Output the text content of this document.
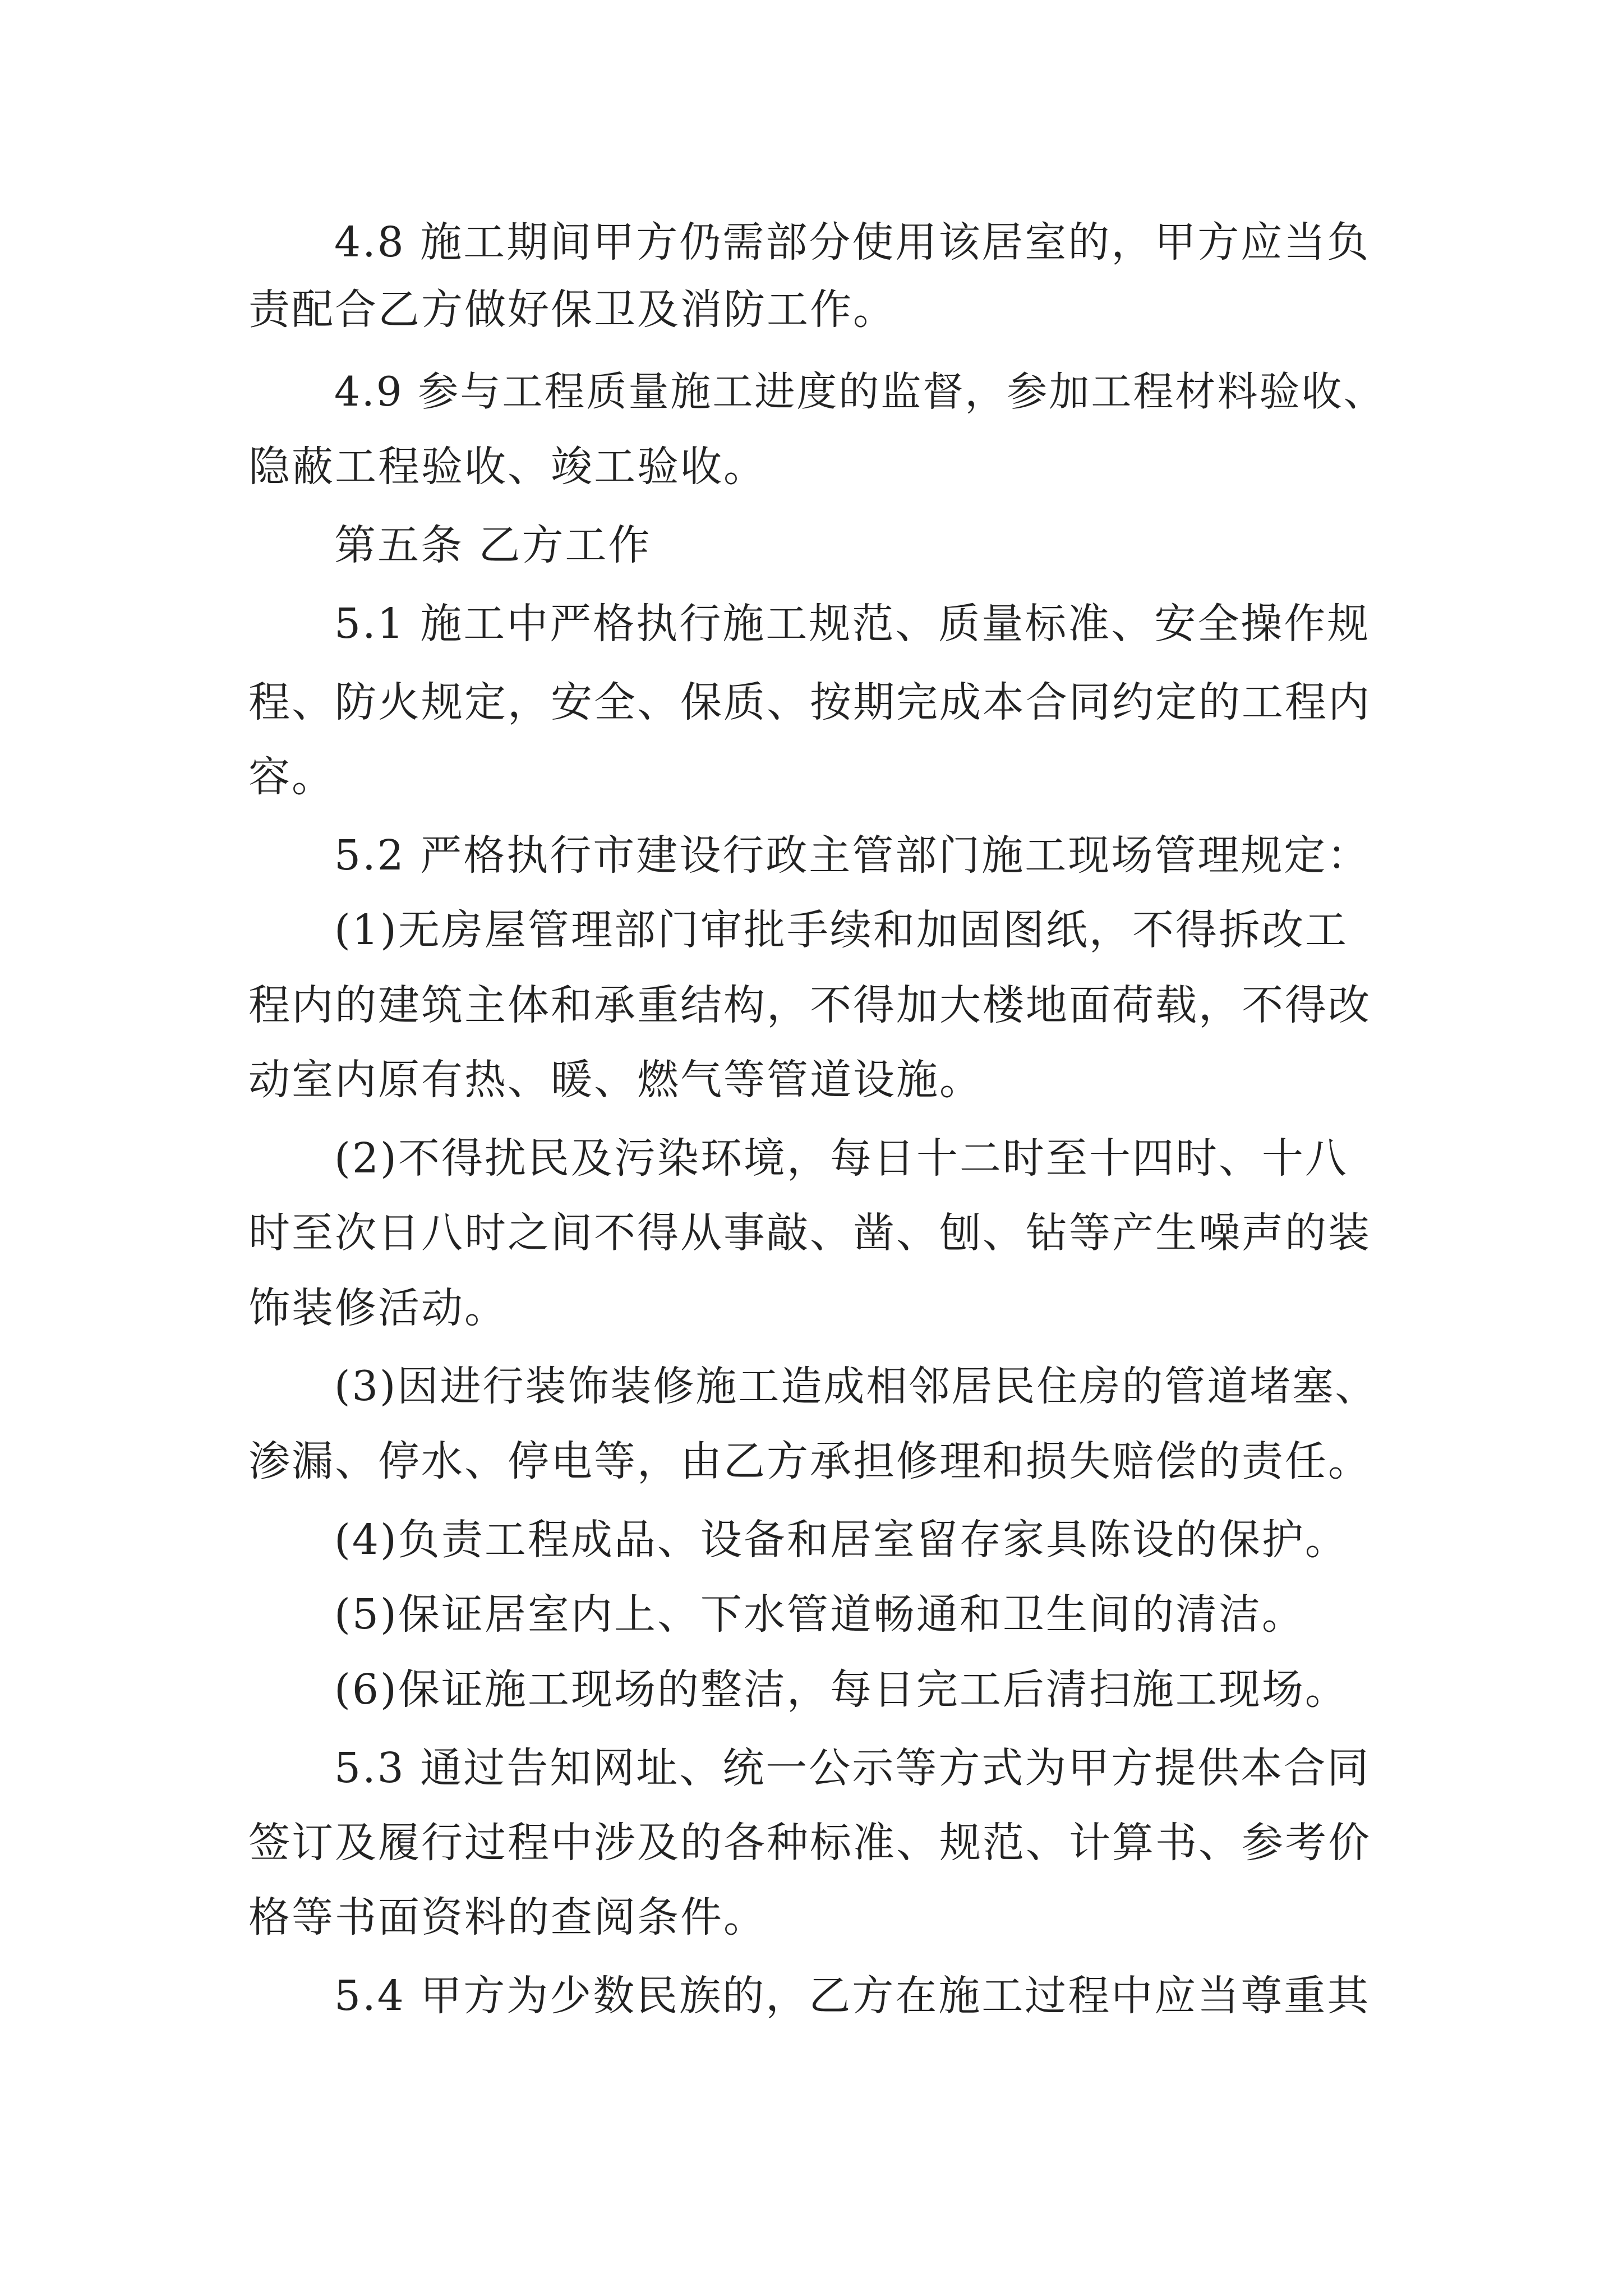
4.8 施工期间甲方仍需部分使用该居室的，甲方应当负
责配合乙方做好保卫及消防工作。
4.9 参与工程质量施工进度的监督，参加工程材料验收、
隐蔽工程验收、竣工验收。
第五条 乙方工作
5.1 施工中严格执行施工规范、质量标准、安全操作规
程、防火规定，安全、保质、按期完成本合同约定的工程内
容。
5.2 严格执行市建设行政主管部门施工现场管理规定：
(1)无房屋管理部门审批手续和加固图纸，不得拆改工
程内的建筑主体和承重结构，不得加大楼地面荷载，不得改
动室内原有热、暖、燃气等管道设施。
(2)不得扰民及污染环境，每日十二时至十四时、十八
时至次日八时之间不得从事敲、凿、刨、钻等产生噪声的装
饰装修活动。
(3)因进行装饰装修施工造成相邻居民住房的管道堵塞、
渗漏、停水、停电等，由乙方承担修理和损失赔偿的责任。
(4)负责工程成品、设备和居室留存家具陈设的保护。
(5)保证居室内上、下水管道畅通和卫生间的清洁。
(6)保证施工现场的整洁，每日完工后清扫施工现场。
5.3 通过告知网址、统一公示等方式为甲方提供本合同
签订及履行过程中涉及的各种标准、规范、计算书、参考价
格等书面资料的查阅条件。
5.4 甲方为少数民族的，乙方在施工过程中应当尊重其
